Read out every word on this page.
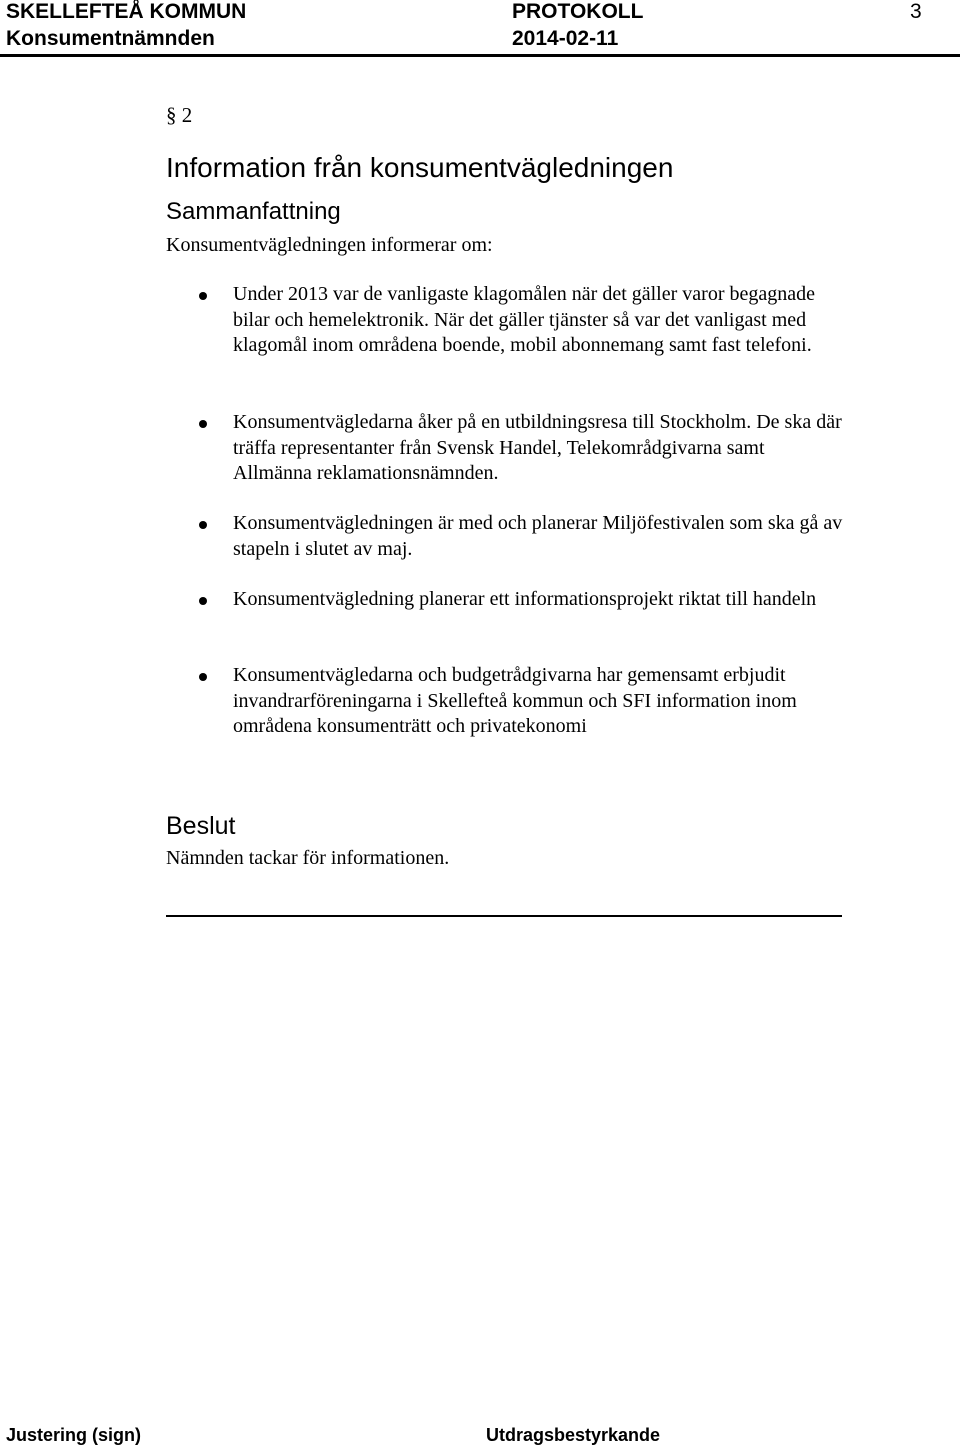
SKELLEFTEÅ KOMMUN
Konsumentnämnden
PROTOKOLL
2014-02-11
3
§ 2
Information från konsumentvägledningen
Sammanfattning
Konsumentvägledningen informerar om:
Under 2013 var de vanligaste klagomålen när det gäller varor begagnade bilar och hemelektronik. När det gäller tjänster så var det vanligast med klagomål inom områdena boende, mobil abonnemang samt fast telefoni.
Konsumentvägledarna åker på en utbildningsresa till Stockholm. De ska där träffa representanter från Svensk Handel, Telekområdgivarna samt Allmänna reklamationsnämnden.
Konsumentvägledningen är med och planerar Miljöfestivalen som ska gå av stapeln i slutet av maj.
Konsumentvägledning planerar ett informationsprojekt riktat till handeln
Konsumentvägledarna och budgetrådgivarna har gemensamt erbjudit invandrarföreningarna i Skellefteå kommun och SFI information inom områdena konsumenträtt och privatekonomi
Beslut
Nämnden tackar för informationen.
Justering (sign)	Utdragsbestyrkande
